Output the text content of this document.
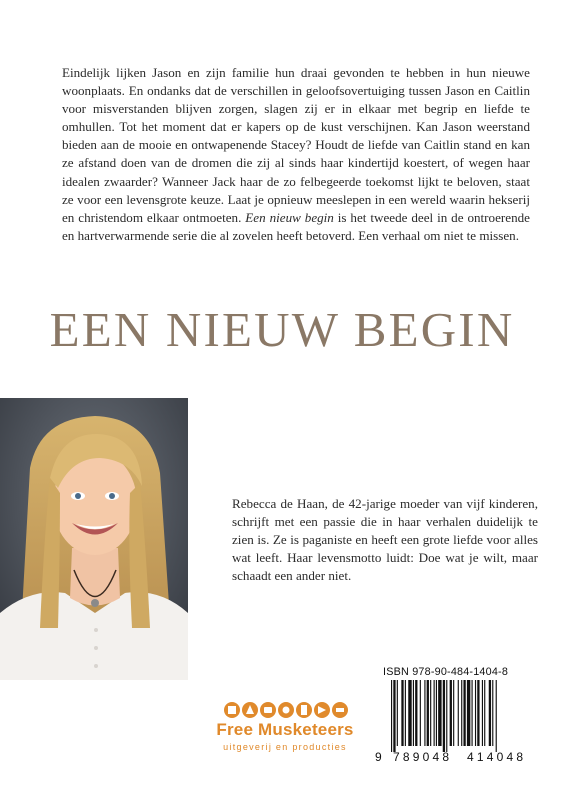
Eindelijk lijken Jason en zijn familie hun draai gevonden te hebben in hun nieuwe woonplaats. En ondanks dat de verschillen in geloofsovertuiging tussen Jason en Caitlin voor misverstanden blijven zorgen, slagen zij er in elkaar met begrip en liefde te omhullen. Tot het moment dat er kapers op de kust verschijnen. Kan Jason weerstand bieden aan de mooie en ontwapenende Stacey? Houdt de liefde van Caitlin stand en kan ze afstand doen van de dromen die zij al sinds haar kindertijd koestert, of wegen haar idealen zwaarder? Wanneer Jack haar de zo felbegeerde toekomst lijkt te beloven, staat ze voor een levensgrote keuze. Laat je opnieuw meeslepen in een wereld waarin hekserij en christendom elkaar ontmoeten. Een nieuw begin is het tweede deel in de ontroerende en hartverwarmende serie die al zovelen heeft betoverd. Een verhaal om niet te missen.

EEN NIEUW BEGIN

Rebecca de Haan, de 42-jarige moeder van vijf kinderen, schrijft met een passie die in haar verhalen duidelijk te zien is. Ze is paganiste en heeft een grote liefde voor alles wat leeft. Haar levensmotto luidt: Doe wat je wilt, maar schaadt een ander niet.

ISBN 978-90-484-1404-8
9 789048 414048
Free Musketeers
uitgeverij en producties
